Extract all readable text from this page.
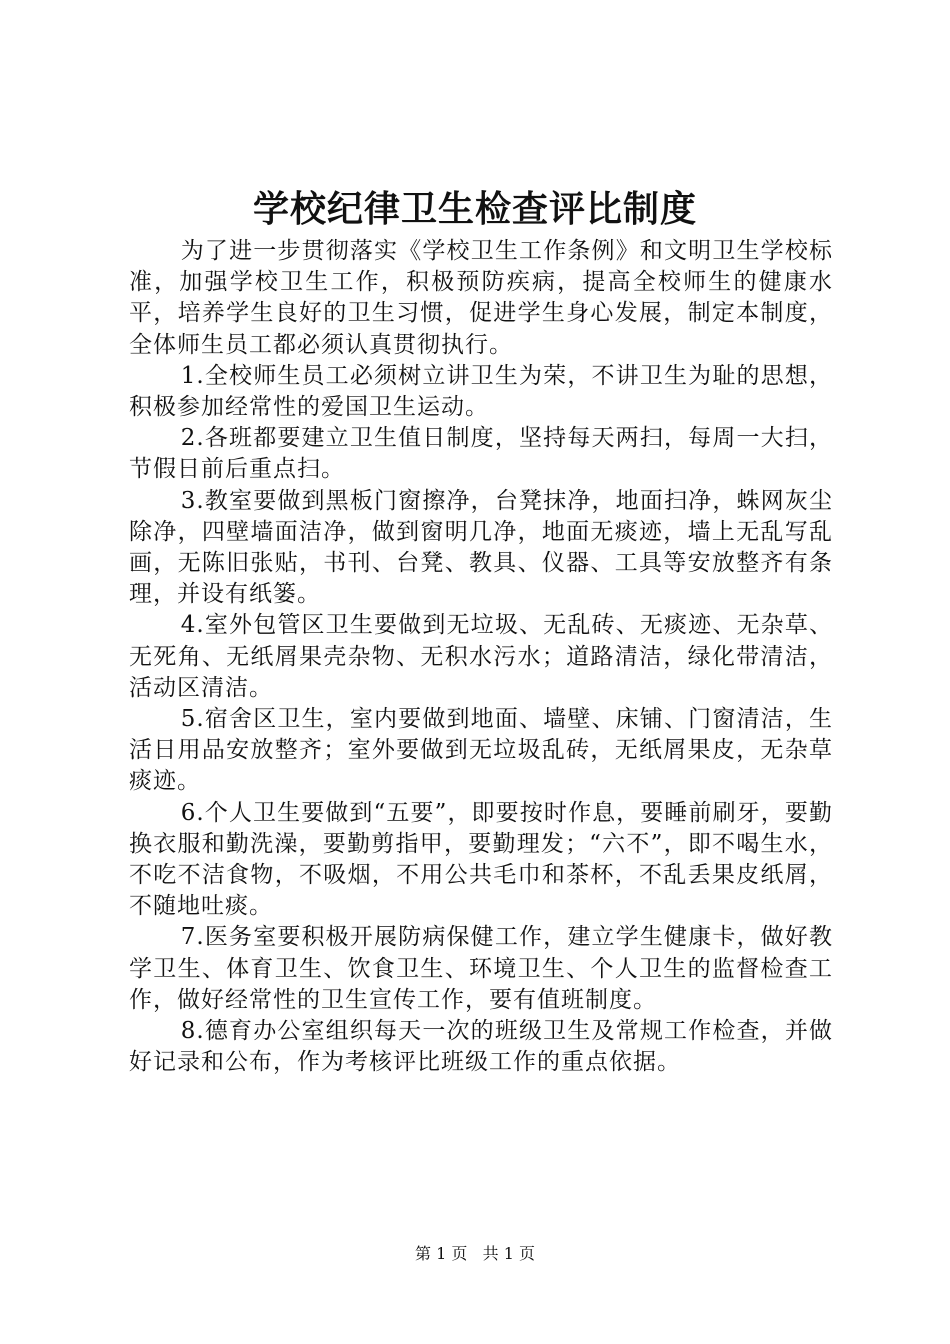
学校纪律卫生检查评比制度

为了进一步贯彻落实《学校卫生工作条例》和文明卫生学校标准，加强学校卫生工作，积极预防疾病，提高全校师生的健康水平，培养学生良好的卫生习惯，促进学生身心发展，制定本制度，全体师生员工都必须认真贯彻执行。

1.全校师生员工必须树立讲卫生为荣，不讲卫生为耻的思想，积极参加经常性的爱国卫生运动。

2.各班都要建立卫生值日制度，坚持每天两扫，每周一大扫，节假日前后重点扫。

3.教室要做到黑板门窗擦净，台凳抹净，地面扫净，蛛网灰尘除净，四壁墙面洁净，做到窗明几净，地面无痰迹，墙上无乱写乱画，无陈旧张贴，书刊、台凳、教具、仪器、工具等安放整齐有条理，并设有纸篓。

4.室外包管区卫生要做到无垃圾、无乱砖、无痰迹、无杂草、无死角、无纸屑果壳杂物、无积水污水；道路清洁，绿化带清洁，活动区清洁。

5.宿舍区卫生，室内要做到地面、墙壁、床铺、门窗清洁，生活日用品安放整齐；室外要做到无垃圾乱砖，无纸屑果皮，无杂草痰迹。

6.个人卫生要做到“五要”，即要按时作息，要睡前刷牙，要勤换衣服和勤洗澡，要勤剪指甲，要勤理发；“六不”，即不喝生水，不吃不洁食物，不吸烟，不用公共毛巾和茶杯，不乱丢果皮纸屑，不随地吐痰。

7.医务室要积极开展防病保健工作，建立学生健康卡，做好教学卫生、体育卫生、饮食卫生、环境卫生、个人卫生的监督检查工作，做好经常性的卫生宣传工作，要有值班制度。

8.德育办公室组织每天一次的班级卫生及常规工作检查，并做好记录和公布，作为考核评比班级工作的重点依据。

第 1 页 共 1 页
